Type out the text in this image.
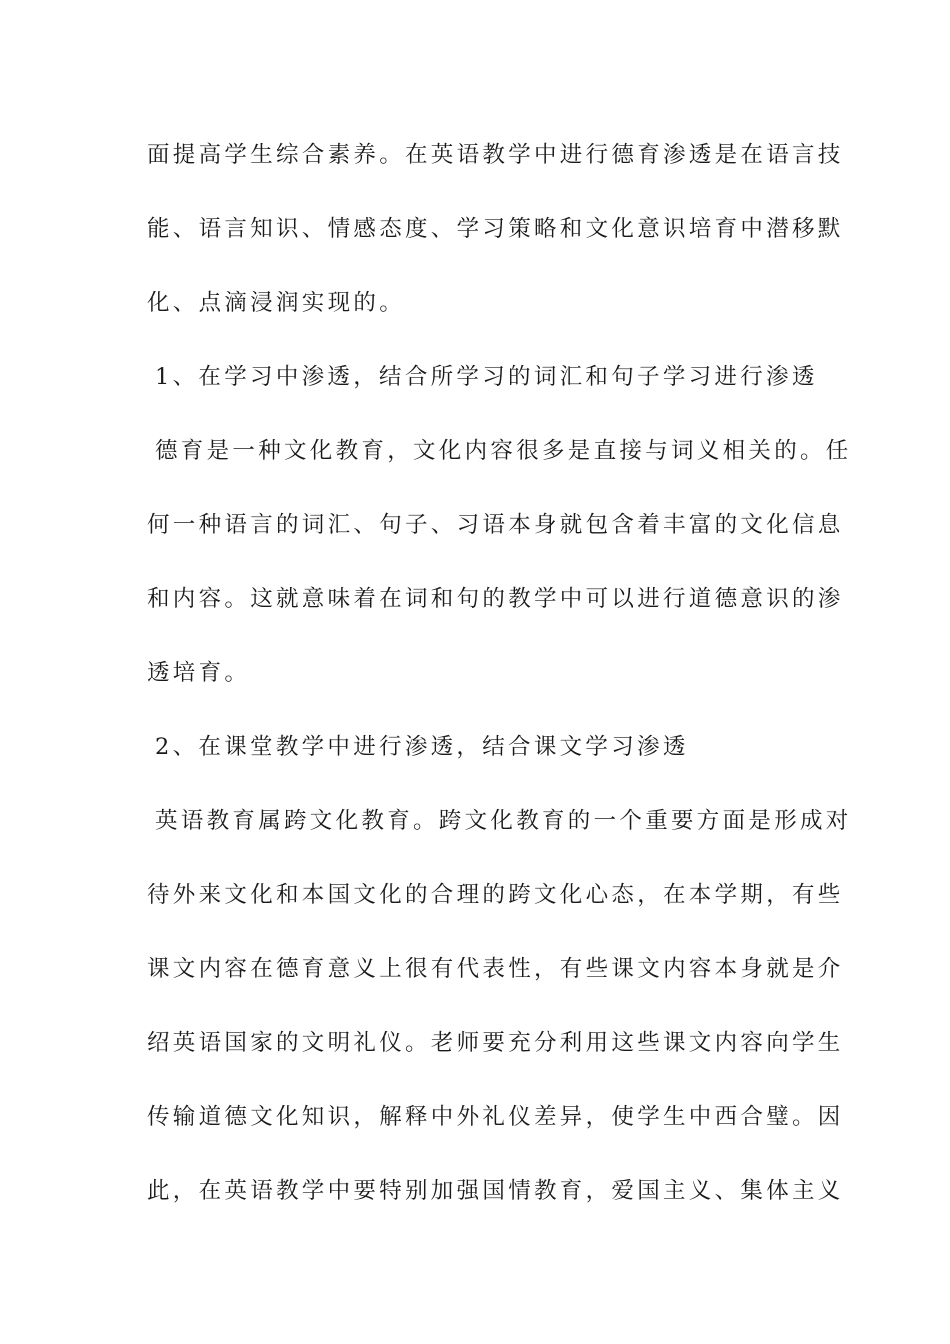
面提高学生综合素养。在英语教学中进行德育渗透是在语言技
能、语言知识、情感态度、学习策略和文化意识培育中潜移默
化、点滴浸润实现的。
1、在学习中渗透，结合所学习的词汇和句子学习进行渗透
德育是一种文化教育，文化内容很多是直接与词义相关的。任
何一种语言的词汇、句子、习语本身就包含着丰富的文化信息
和内容。这就意味着在词和句的教学中可以进行道德意识的渗
透培育。
2、在课堂教学中进行渗透，结合课文学习渗透
英语教育属跨文化教育。跨文化教育的一个重要方面是形成对
待外来文化和本国文化的合理的跨文化心态，在本学期，有些
课文内容在德育意义上很有代表性，有些课文内容本身就是介
绍英语国家的文明礼仪。老师要充分利用这些课文内容向学生
传输道德文化知识，解释中外礼仪差异，使学生中西合璧。因
此，在英语教学中要特别加强国情教育，爱国主义、集体主义
